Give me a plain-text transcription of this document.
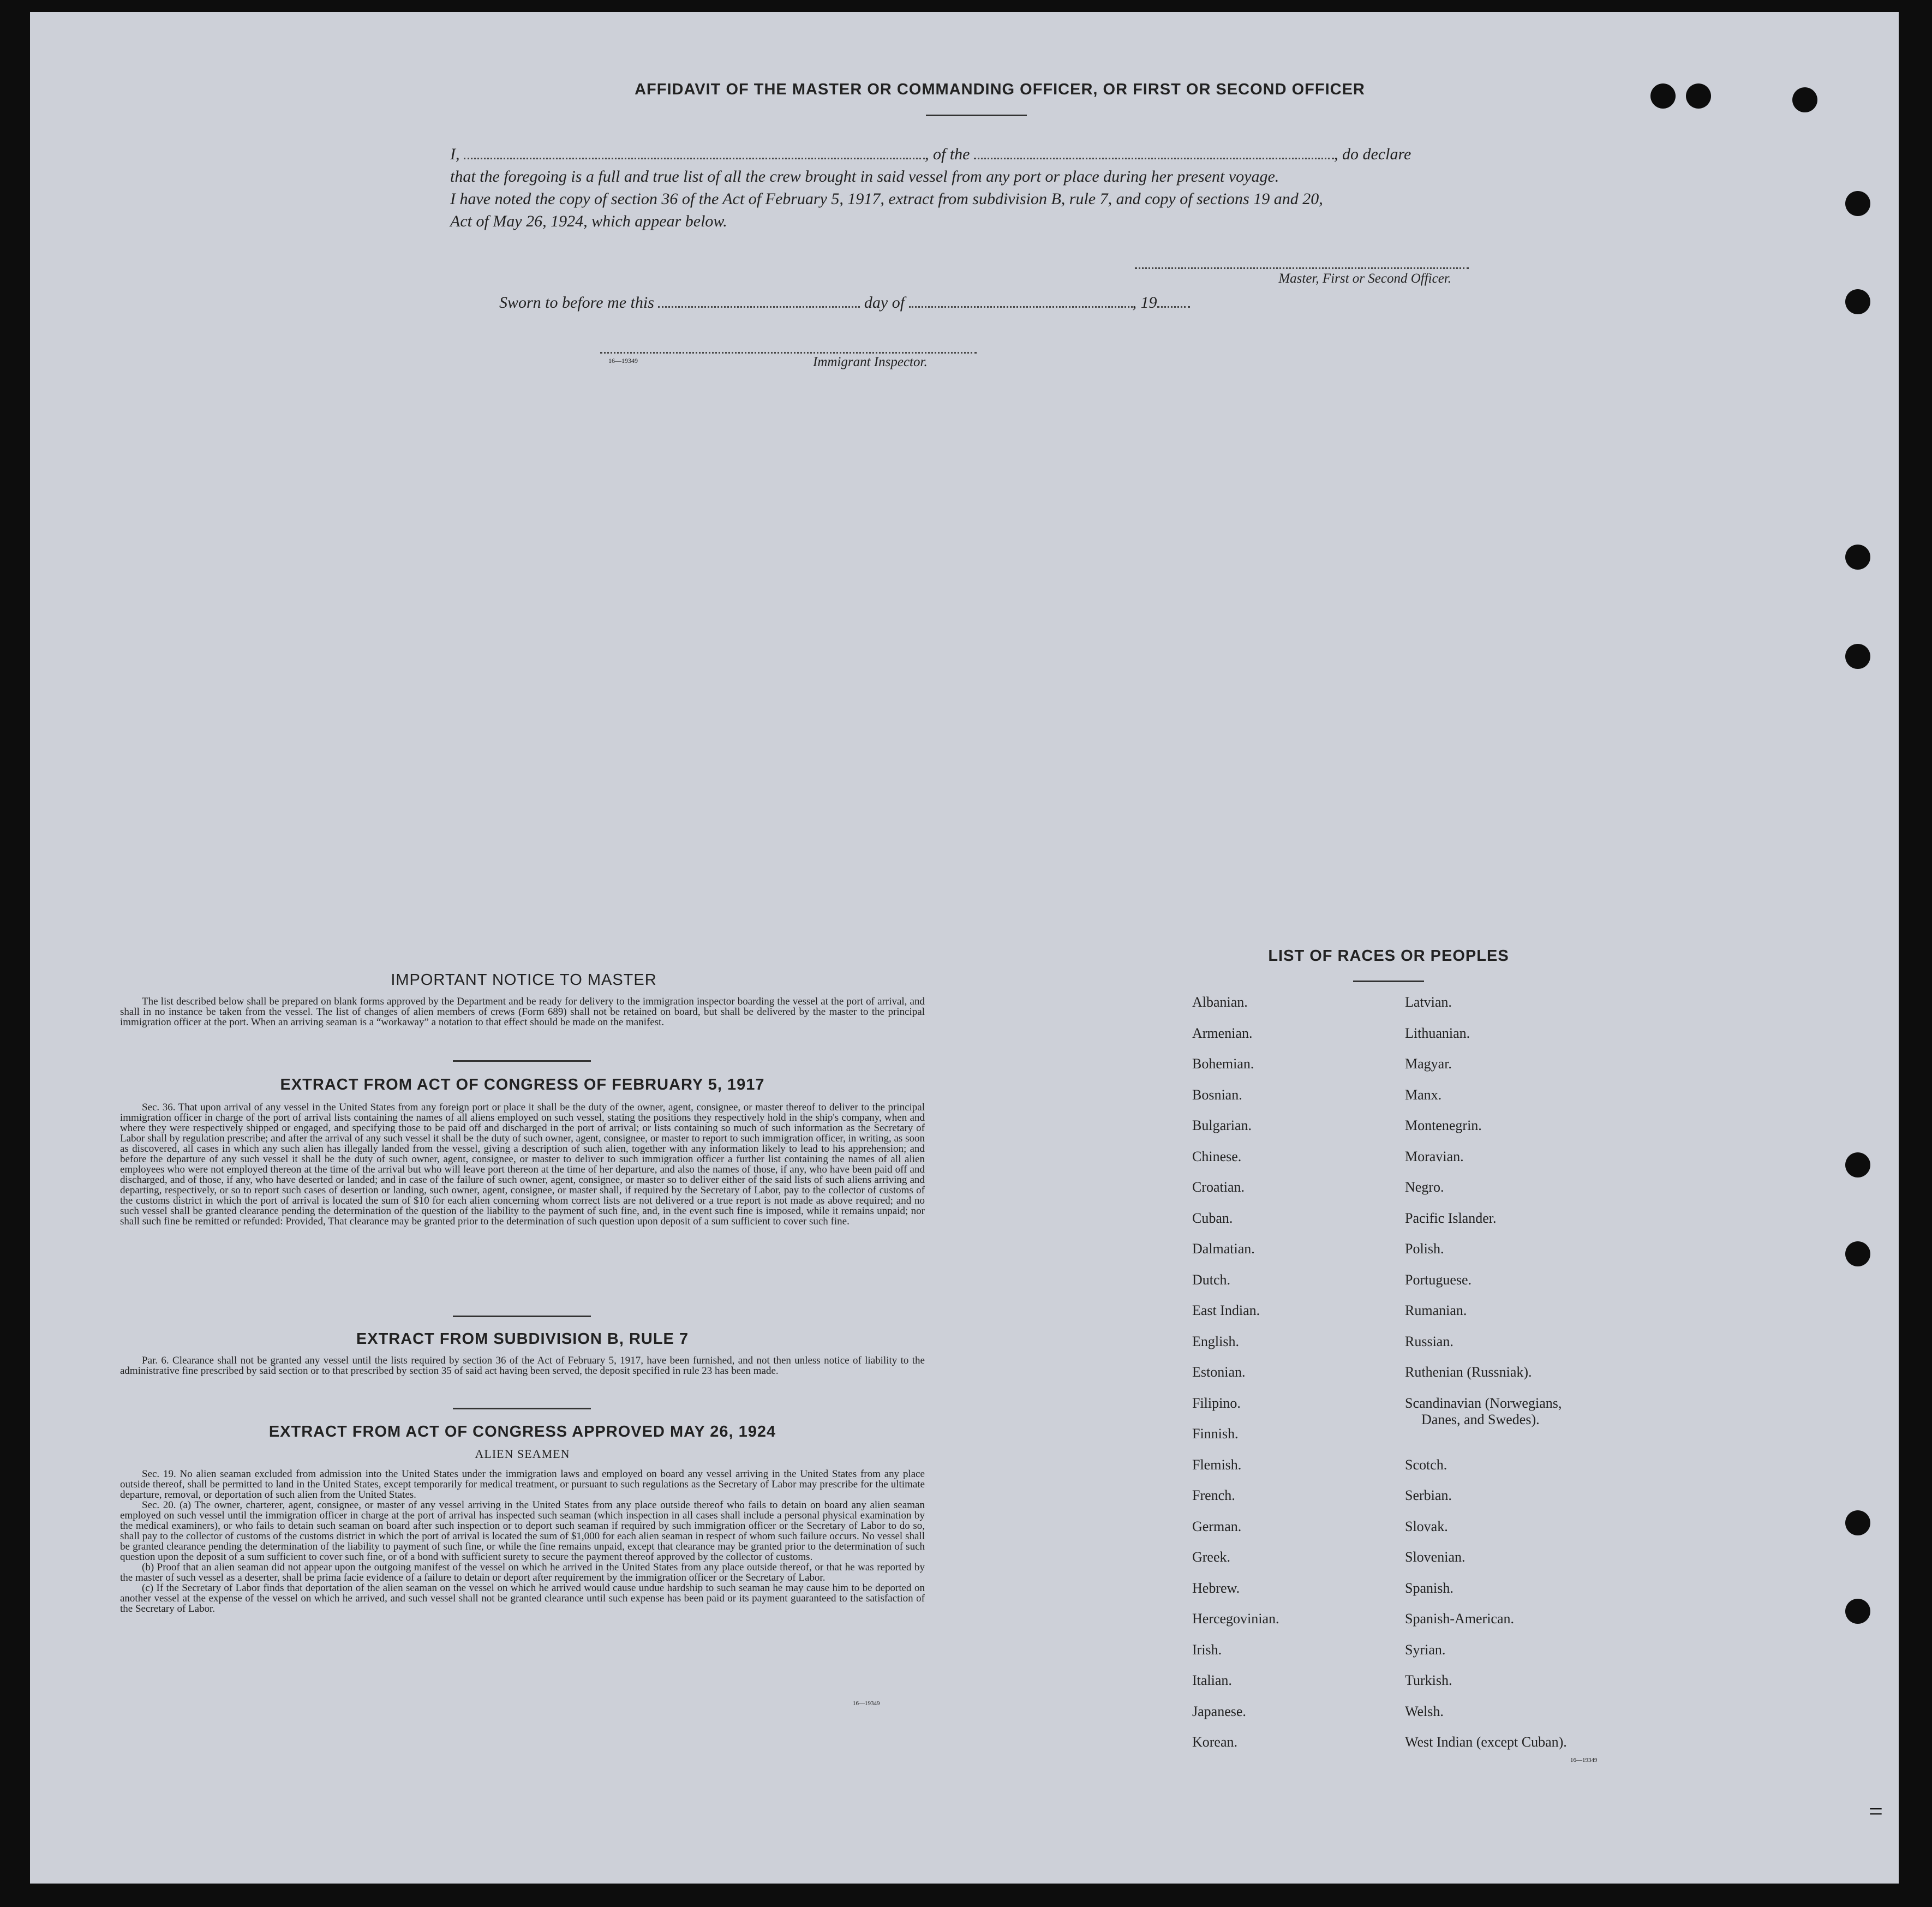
AFFIDAVIT OF THE MASTER OR COMMANDING OFFICER, OR FIRST OR SECOND OFFICER

I,	, of the	, do declare

that the foregoing is a full and true list of all the crew brought in said vessel from any port or place during her present voyage.

I have noted the copy of section 36 of the Act of February 5, 1917, extract from subdivision B, rule 7, and copy of sections 19 and 20,

Act of May 26, 1924, which appear below.

Master, First or Second Officer.
Sworn to before me this	day of	, 19
16—19349	Immigrant Inspector.
IMPORTANT NOTICE TO MASTER

The list described below shall be prepared on blank forms approved by the Department and be ready for delivery to the immigration inspector boarding the vessel at the port of arrival, and shall in no instance be taken from the vessel. The list of changes of alien members of crews (Form 689) shall not be retained on board, but shall be delivered by the master to the principal immigration officer at the port. When an arriving seaman is a “workaway” a notation to that effect should be made on the manifest.

EXTRACT FROM ACT OF CONGRESS OF FEBRUARY 5, 1917

Sec. 36. That upon arrival of any vessel in the United States from any foreign port or place it shall be the duty of the owner, agent, consignee, or master thereof to deliver to the principal immigration officer in charge of the port of arrival lists containing the names of all aliens employed on such vessel, stating the positions they respectively hold in the ship's company, when and where they were respectively shipped or engaged, and specifying those to be paid off and discharged in the port of arrival; or lists containing so much of such information as the Secretary of Labor shall by regulation prescribe; and after the arrival of any such vessel it shall be the duty of such owner, agent, consignee, or master to report to such immigration officer, in writing, as soon as discovered, all cases in which any such alien has illegally landed from the vessel, giving a description of such alien, together with any information likely to lead to his apprehension; and before the departure of any such vessel it shall be the duty of such owner, agent, consignee, or master to deliver to such immigration officer a further list containing the names of all alien employees who were not employed thereon at the time of the arrival but who will leave port thereon at the time of her departure, and also the names of those, if any, who have been paid off and discharged, and of those, if any, who have deserted or landed; and in case of the failure of such owner, agent, consignee, or master so to deliver either of the said lists of such aliens arriving and departing, respectively, or so to report such cases of desertion or landing, such owner, agent, consignee, or master shall, if required by the Secretary of Labor, pay to the collector of customs of the customs district in which the port of arrival is located the sum of $10 for each alien concerning whom correct lists are not delivered or a true report is not made as above required; and no such vessel shall be granted clearance pending the determination of the question of the liability to the payment of such fine, and, in the event such fine is imposed, while it remains unpaid; nor shall such fine be remitted or refunded: Provided, That clearance may be granted prior to the determination of such question upon deposit of a sum sufficient to cover such fine.

EXTRACT FROM SUBDIVISION B, RULE 7

Par. 6. Clearance shall not be granted any vessel until the lists required by section 36 of the Act of February 5, 1917, have been furnished, and not then unless notice of liability to the administrative fine prescribed by said section or to that prescribed by section 35 of said act having been served, the deposit specified in rule 23 has been made.

EXTRACT FROM ACT OF CONGRESS APPROVED MAY 26, 1924
ALIEN SEAMEN

Sec. 19. No alien seaman excluded from admission into the United States under the immigration laws and employed on board any vessel arriving in the United States from any place outside thereof, shall be permitted to land in the United States, except temporarily for medical treatment, or pursuant to such regulations as the Secretary of Labor may prescribe for the ultimate departure, removal, or deportation of such alien from the United States.

Sec. 20. (a) The owner, charterer, agent, consignee, or master of any vessel arriving in the United States from any place outside thereof who fails to detain on board any alien seaman employed on such vessel until the immigration officer in charge at the port of arrival has inspected such seaman (which inspection in all cases shall include a personal physical examination by the medical examiners), or who fails to detain such seaman on board after such inspection or to deport such seaman if required by such immigration officer or the Secretary of Labor to do so, shall pay to the collector of customs of the customs district in which the port of arrival is located the sum of $1,000 for each alien seaman in respect of whom such failure occurs. No vessel shall be granted clearance pending the determination of the liability to payment of such fine, or while the fine remains unpaid, except that clearance may be granted prior to the determination of such question upon the deposit of a sum sufficient to cover such fine, or of a bond with sufficient surety to secure the payment thereof approved by the collector of customs.

(b) Proof that an alien seaman did not appear upon the outgoing manifest of the vessel on which he arrived in the United States from any place outside thereof, or that he was reported by the master of such vessel as a deserter, shall be prima facie evidence of a failure to detain or deport after requirement by the immigration officer or the Secretary of Labor.

(c) If the Secretary of Labor finds that deportation of the alien seaman on the vessel on which he arrived would cause undue hardship to such seaman he may cause him to be deported on another vessel at the expense of the vessel on which he arrived, and such vessel shall not be granted clearance until such expense has been paid or its payment guaranteed to the satisfaction of the Secretary of Labor.

16—19349
LIST OF RACES OR PEOPLES
Albanian.
Armenian.
Bohemian.
Bosnian.
Bulgarian.
Chinese.
Croatian.
Cuban.
Dalmatian.
Dutch.
East Indian.
English.
Estonian.
Filipino.
Finnish.
Flemish.
French.
German.
Greek.
Hebrew.
Hercegovinian.
Irish.
Italian.
Japanese.
Korean.
Latvian.
Lithuanian.
Magyar.
Manx.
Montenegrin.
Moravian.
Negro.
Pacific Islander.
Polish.
Portuguese.
Rumanian.
Russian.
Ruthenian (Russniak).
Scandinavian (Norwegians,
Danes, and Swedes).
Scotch.
Serbian.
Slovak.
Slovenian.
Spanish.
Spanish-American.
Syrian.
Turkish.
Welsh.
West Indian (except Cuban).
16—19349
=
